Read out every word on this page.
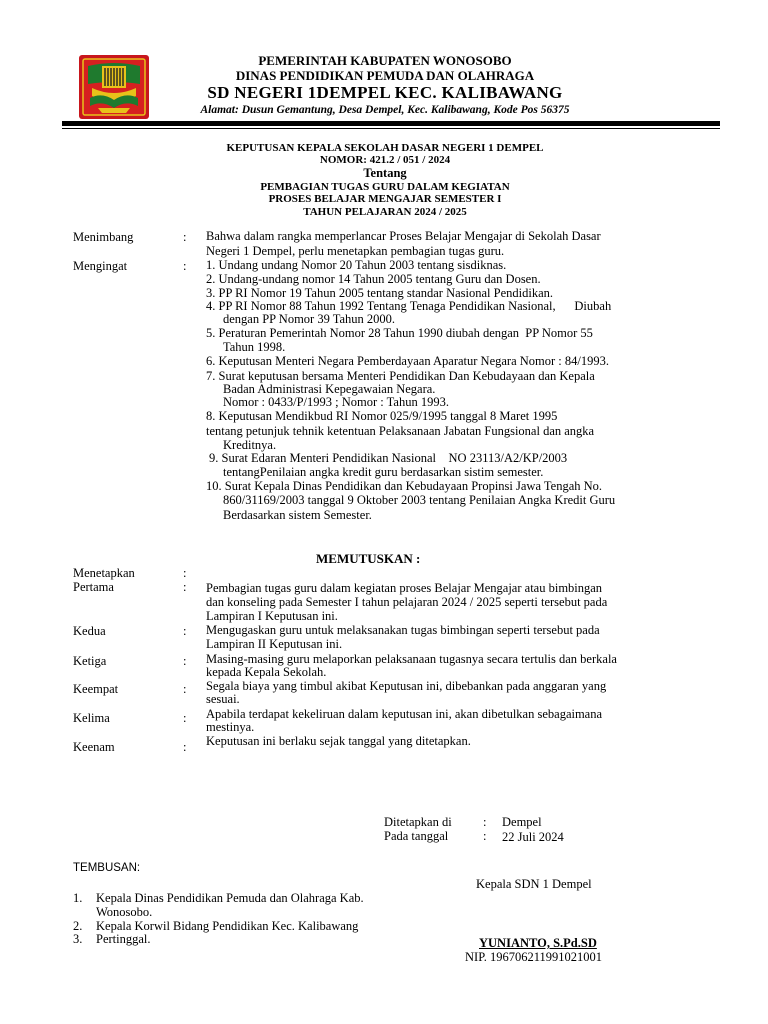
PEMERINTAH KABUPATEN WONOSOBO
DINAS PENDIDIKAN PEMUDA DAN OLAHRAGA
SD NEGERI 1DEMPEL KEC. KALIBAWANG
Alamat: Dusun Gemantung, Desa Dempel, Kec. Kalibawang, Kode Pos 56375
KEPUTUSAN KEPALA SEKOLAH DASAR NEGERI 1 DEMPEL
NOMOR: 421.2 / 051 / 2024
Tentang
PEMBAGIAN TUGAS GURU DALAM KEGIATAN
PROSES BELAJAR MENGAJAR SEMESTER I
TAHUN PELAJARAN 2024 / 2025
Menimbang	: Bahwa dalam rangka memperlancar Proses Belajar Mengajar di Sekolah Dasar
Negeri 1 Dempel, perlu menetapkan pembagian tugas guru.
Mengingat	: 1. Undang undang Nomor 20 Tahun 2003 tentang sisdiknas.
2. Undang-undang nomor 14 Tahun 2005 tentang Guru dan Dosen.
3. PP RI Nomor 19 Tahun 2005 tentang standar Nasional Pendidikan.
4. PP RI Nomor 88 Tahun 1992 Tentang Tenaga Pendidikan Nasional,      Diubah
dengan PP Nomor 39 Tahun 2000.
5. Peraturan Pemerintah Nomor 28 Tahun 1990 diubah dengan  PP Nomor 55
Tahun 1998.
6. Keputusan Menteri Negara Pemberdayaan Aparatur Negara Nomor : 84/1993.
7. Surat keputusan bersama Menteri Pendidikan Dan Kebudayaan dan Kepala
Badan Administrasi Kepegawaian Negara.
Nomor : 0433/P/1993 ; Nomor : Tahun 1993.
8. Keputusan Mendikbud RI Nomor 025/9/1995 tanggal 8 Maret 1995
tentang petunjuk tehnik ketentuan Pelaksanaan Jabatan Fungsional dan angka
Kreditnya.
9. Surat Edaran Menteri Pendidikan Nasional    NO 23113/A2/KP/2003
tentangPenilaian angka kredit guru berdasarkan sistim semester.
10. Surat Kepala Dinas Pendidikan dan Kebudayaan Propinsi Jawa Tengah No.
860/31169/2003 tanggal 9 Oktober 2003 tentang Penilaian Angka Kredit Guru
Berdasarkan sistem Semester.
MEMUTUSKAN :
Menetapkan	:
Pertama	: Pembagian tugas guru dalam kegiatan proses Belajar Mengajar atau bimbingan
dan konseling pada Semester I tahun pelajaran 2024 / 2025 seperti tersebut pada
Lampiran I Keputusan ini.
Kedua	: Mengugaskan guru untuk melaksanakan tugas bimbingan seperti tersebut pada
Lampiran II Keputusan ini.
Ketiga	: Masing-masing guru melaporkan pelaksanaan tugasnya secara tertulis dan berkala
kepada Kepala Sekolah.
Keempat	: Segala biaya yang timbul akibat Keputusan ini, dibebankan pada anggaran yang
sesuai.
Kelima	: Apabila terdapat kekeliruan dalam keputusan ini, akan dibetulkan sebagaimana
mestinya.
Keenam	: Keputusan ini berlaku sejak tanggal yang ditetapkan.
Ditetapkan di	: Dempel
Pada tanggal	: 22 Juli 2024
Kepala SDN 1 Dempel
YUNIANTO, S.Pd.SD
NIP. 196706211991021001
TEMBUSAN:
1. Kepala Dinas Pendidikan Pemuda dan Olahraga Kab.
Wonosobo.
2. Kepala Korwil Bidang Pendidikan Kec. Kalibawang
3. Pertinggal.
